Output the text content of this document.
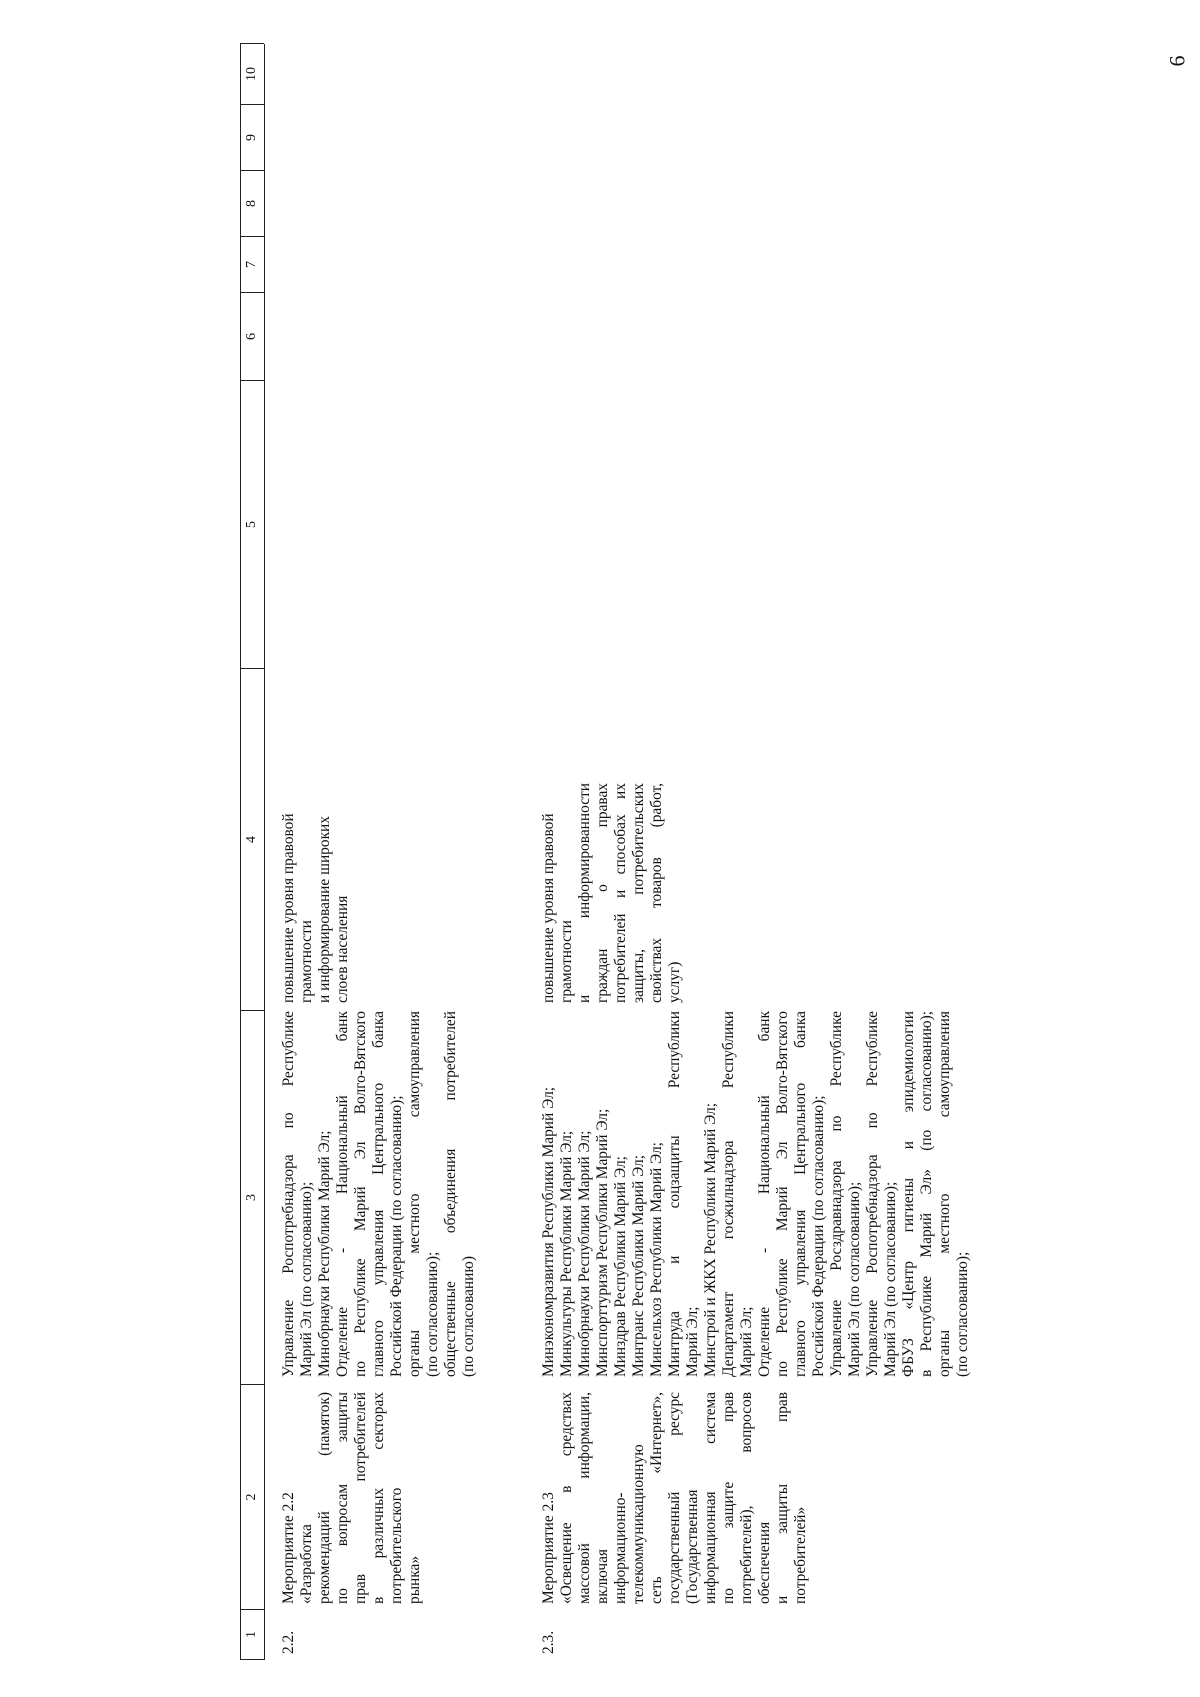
6
1
2
3
4
5
6
7
8
9
10
2.2.
Мероприятие 2.2 «Разработка рекомендаций (памяток) по вопросам защиты прав потребителей в различных секторах потребительского рынка»
Управление Роспотребнадзора по Республике Марий Эл (по согласованию); Минобрнауки Республики Марий Эл; Отделение - Национальный банк по Республике Марий Эл Волго-Вятского главного управления Центрального банка Российской Федерации (по согласованию); органы местного самоуправления (по согласованию); общественные объединения потребителей (по согласованию)
повышение уровня правовой грамотности и информирование широких слоев населения
2.3.
Мероприятие 2.3 «Освещение в средствах массовой информации, включая информационно- телекоммуникационную сеть «Интернет», государственный ресурс (Государственная информационная система по защите прав потребителей), вопросов обеспечения и защиты прав потребителей»
Минэкономразвития Республики Марий Эл; Минкультуры Республики Марий Эл; Минобрнауки Республики Марий Эл; Минспорттуризм Республики Марий Эл; Минздрав Республики Марий Эл; Минтранс Республики Марий Эл; Минсельхоз Республики Марий Эл; Минтруда и соцзащиты Республики Марий Эл; Минстрой и ЖКХ Республики Марий Эл; Департамент госжилнадзора Республики Марий Эл; Отделение - Национальный банк по Республике Марий Эл Волго-Вятского главного управления Центрального банка Российской Федерации (по согласованию); Управление Росздравнадзора по Республике Марий Эл (по согласованию); Управление Роспотребнадзора по Республике Марий Эл (по согласованию); ФБУЗ «Центр гигиены и эпидемиологии в Республике Марий Эл» (по согласованию); органы местного самоуправления (по согласованию);
повышение уровня правовой грамотности и информированности граждан о правах потребителей и способах их защиты, потребительских свойствах товаров (работ, услуг)
